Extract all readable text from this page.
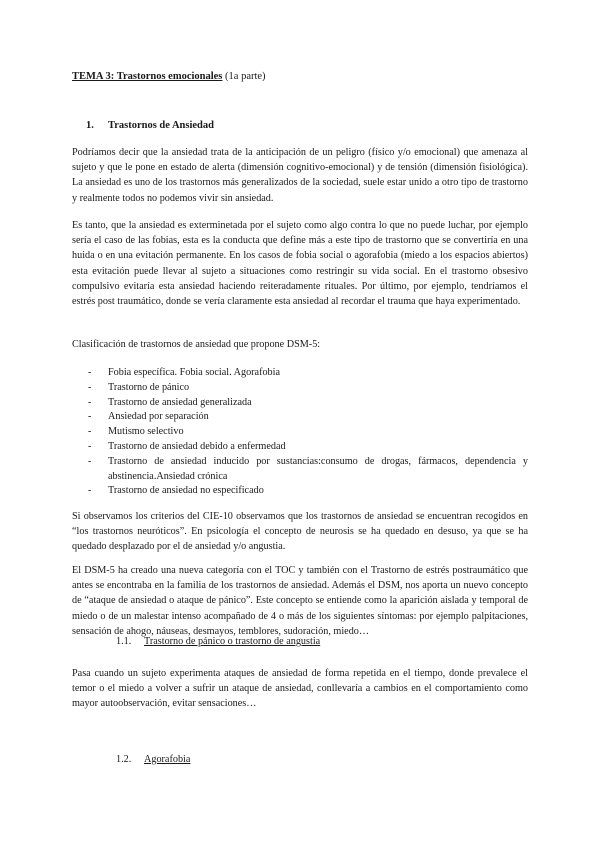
TEMA 3: Trastornos emocionales (1a parte)
1. Trastornos de Ansiedad

Podríamos decir que la ansiedad trata de la anticipación de un peligro (físico y/o emocional) que amenaza al sujeto y que le pone en estado de alerta (dimensión cognitivo-emocional) y de tensión (dimensión fisiológica). La ansiedad es uno de los trastornos más generalizados de la sociedad, suele estar unido a otro tipo de trastorno y realmente todos no podemos vivir sin ansiedad.

Es tanto, que la ansiedad es exterminetada por el sujeto como algo contra lo que no puede luchar, por ejemplo sería el caso de las fobias, esta es la conducta que define más a este tipo de trastorno que se convertiría en una huida o en una evitación permanente. En los casos de fobia social o agorafobia (miedo a los espacios abiertos) esta evitación puede llevar al sujeto a situaciones como restringir su vida social. En el trastorno obsesivo compulsivo evitaría esta ansiedad haciendo reiteradamente rituales. Por último, por ejemplo, tendríamos el estrés post traumático, donde se vería claramente esta ansiedad al recordar el trauma que haya experimentado.

Clasificación de trastornos de ansiedad que propone DSM-5:

- Fobia específica. Fobia social. Agorafobia
- Trastorno de pánico
- Trastorno de ansiedad generalizada
- Ansiedad por separación
- Mutismo selectivo
- Trastorno de ansiedad debido a enfermedad
- Trastorno de ansiedad inducido por sustancias:consumo de drogas, fármacos, dependencia y abstinencia.Ansiedad crónica
- Trastorno de ansiedad no especificado

Si observamos los criterios del CIE-10 observamos que los trastornos de ansiedad se encuentran recogidos en “los trastornos neuróticos”. En psicología el concepto de neurosis se ha quedado en desuso, ya que se ha quedado desplazado por el de ansiedad y/o angustia.

El DSM-5 ha creado una nueva categoría con el TOC y también con el Trastorno de estrés postraumático que antes se encontraba en la familia de los trastornos de ansiedad. Además el DSM, nos aporta un nuevo concepto de “ataque de ansiedad o ataque de pánico”. Este concepto se entiende como la aparición aislada y temporal de miedo o de un malestar intenso acompañado de 4 o más de los siguientes síntomas: por ejemplo palpitaciones, sensación de ahogo, náuseas, desmayos, temblores, sudoración, miedo…

1.1. Trastorno de pánico o trastorno de angustia

Pasa cuando un sujeto experimenta ataques de ansiedad de forma repetida en el tiempo, donde prevalece el temor o el miedo a volver a sufrir un ataque de ansiedad, conllevaría a cambios en el comportamiento como mayor autoobservación, evitar sensaciones…

1.2. Agorafobia
